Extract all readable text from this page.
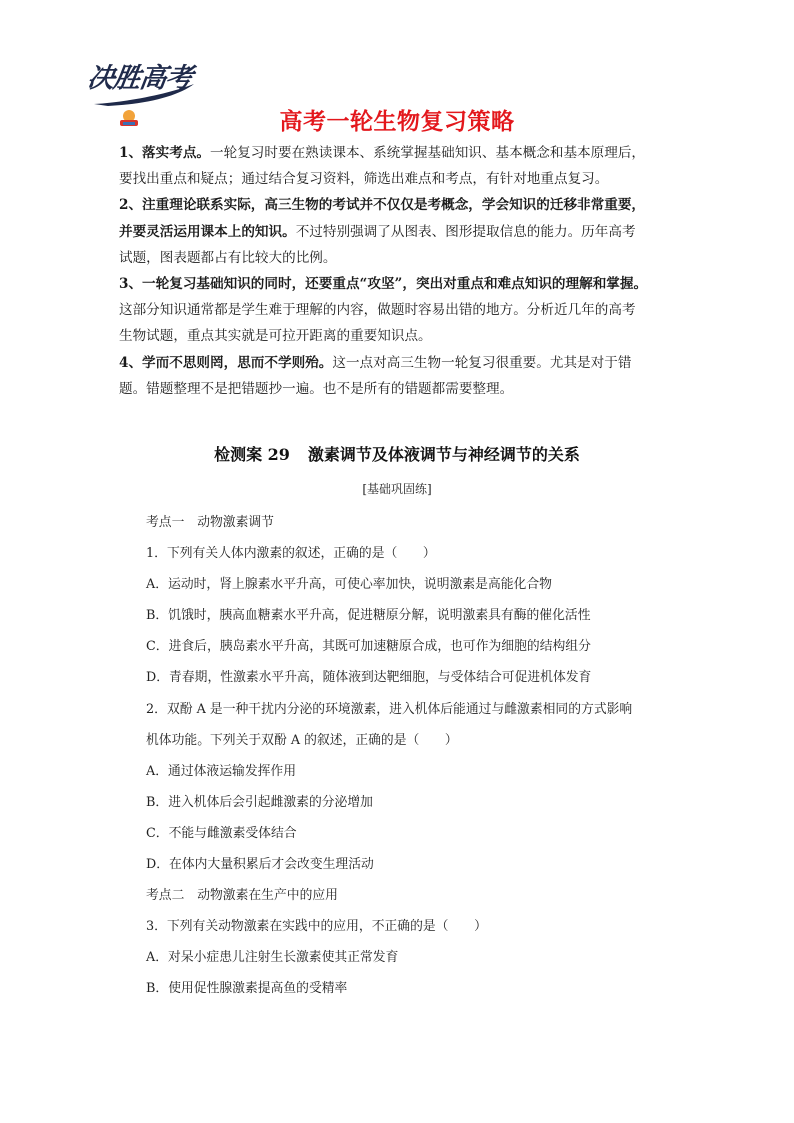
决胜高考
高考一轮生物复习策略

1、落实考点。一轮复习时要在熟读课本、系统掌握基础知识、基本概念和基本原理后，

要找出重点和疑点；通过结合复习资料，筛选出难点和考点，有针对地重点复习。

2、注重理论联系实际，高三生物的考试并不仅仅是考概念，学会知识的迁移非常重要，

并要灵活运用课本上的知识。不过特别强调了从图表、图形提取信息的能力。历年高考

试题，图表题都占有比较大的比例。

3、一轮复习基础知识的同时，还要重点“攻坚”，突出对重点和难点知识的理解和掌握。

这部分知识通常都是学生难于理解的内容，做题时容易出错的地方。分析近几年的高考

生物试题，重点其实就是可拉开距离的重要知识点。

4、学而不思则罔，思而不学则殆。这一点对高三生物一轮复习很重要。尤其是对于错

题。错题整理不是把错题抄一遍。也不是所有的错题都需要整理。

检测案 29 激素调节及体液调节与神经调节的关系
[基础巩固练]
考点一　动物激素调节
1．下列有关人体内激素的叙述，正确的是（　　）
A．运动时，肾上腺素水平升高，可使心率加快，说明激素是高能化合物
B．饥饿时，胰高血糖素水平升高，促进糖原分解，说明激素具有酶的催化活性
C．进食后，胰岛素水平升高，其既可加速糖原合成，也可作为细胞的结构组分
D．青春期，性激素水平升高，随体液到达靶细胞，与受体结合可促进机体发育
2．双酚 A 是一种干扰内分泌的环境激素，进入机体后能通过与雌激素相同的方式影响
机体功能。下列关于双酚 A 的叙述，正确的是（　　）
A．通过体液运输发挥作用
B．进入机体后会引起雌激素的分泌增加
C．不能与雌激素受体结合
D．在体内大量积累后才会改变生理活动
考点二　动物激素在生产中的应用
3．下列有关动物激素在实践中的应用，不正确的是（　　）
A．对呆小症患儿注射生长激素使其正常发育
B．使用促性腺激素提高鱼的受精率
